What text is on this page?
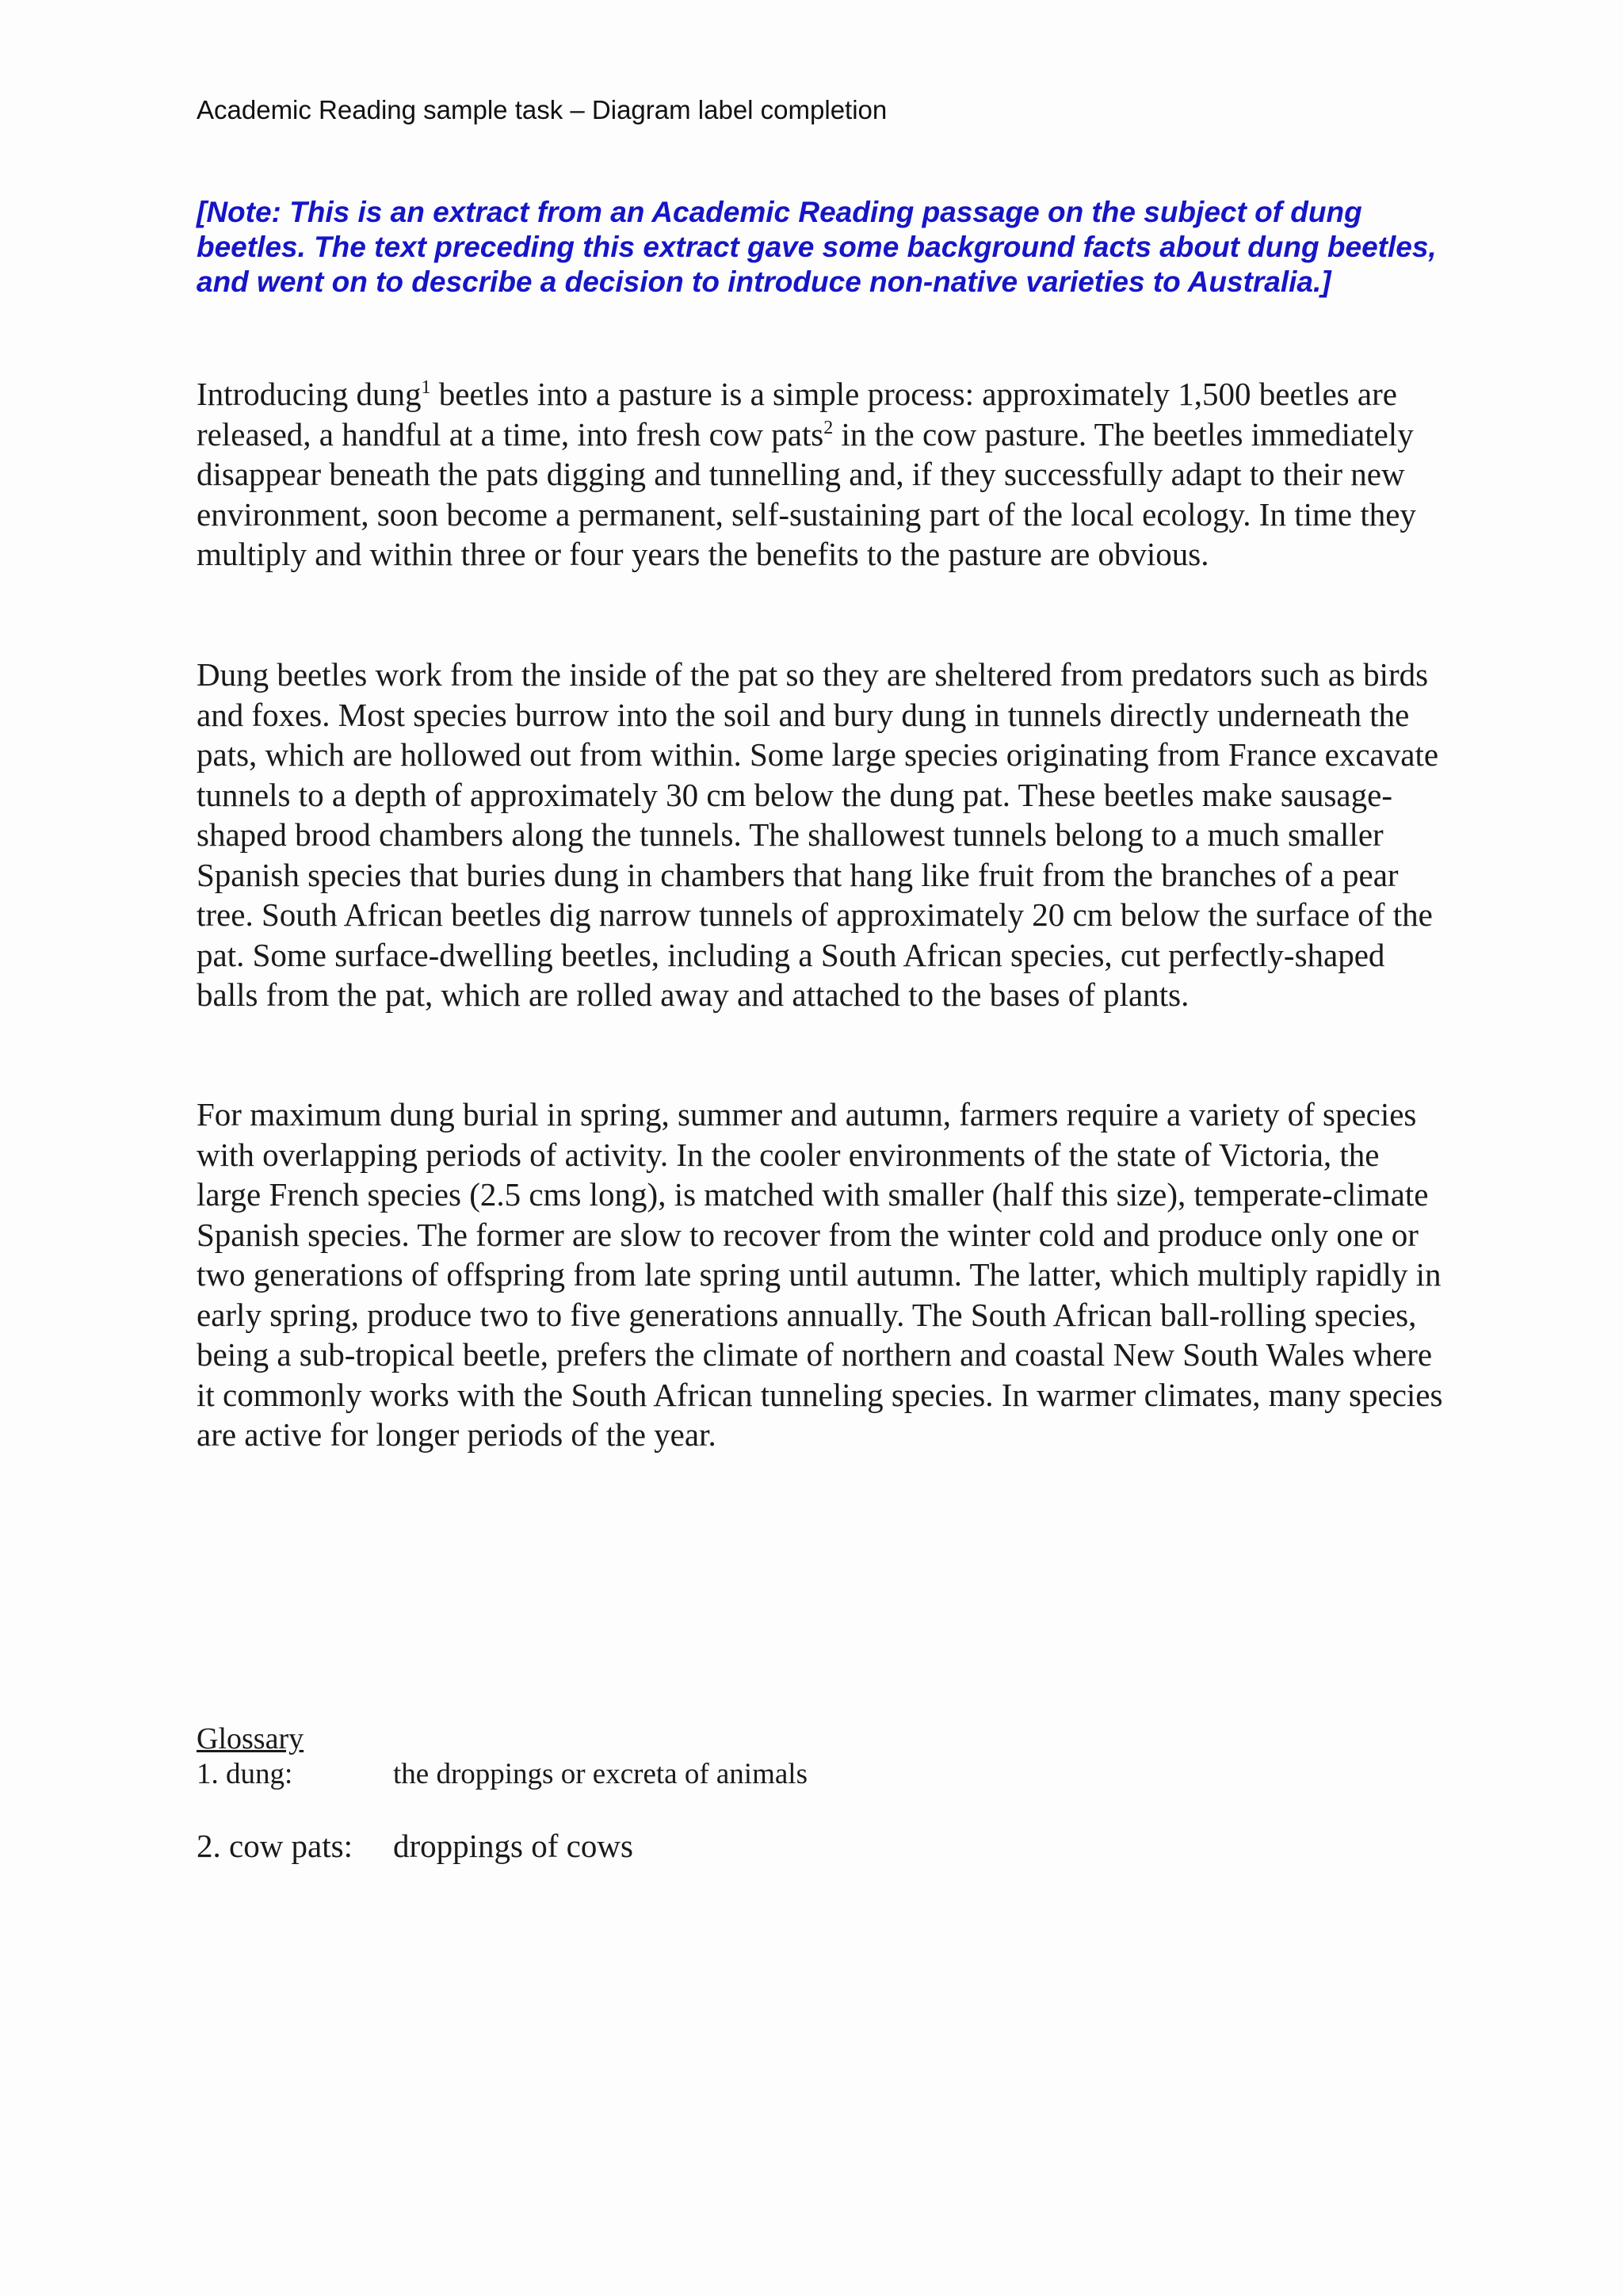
Academic Reading sample task – Diagram label completion
[Note: This is an extract from an Academic Reading passage on the subject of dung beetles. The text preceding this extract gave some background facts about dung beetles, and went on to describe a decision to introduce non-native varieties to Australia.]

Introducing dung$^1$ beetles into a pasture is a simple process: approximately 1,500 beetles are released, a handful at a time, into fresh cow pats$^2$ in the cow pasture. The beetles immediately disappear beneath the pats digging and tunnelling and, if they successfully adapt to their new environment, soon become a permanent, self-sustaining part of the local ecology. In time they multiply and within three or four years the benefits to the pasture are obvious.

Dung beetles work from the inside of the pat so they are sheltered from predators such as birds and foxes. Most species burrow into the soil and bury dung in tunnels directly underneath the pats, which are hollowed out from within. Some large species originating from France excavate tunnels to a depth of approximately 30 cm below the dung pat. These beetles make sausage-shaped brood chambers along the tunnels. The shallowest tunnels belong to a much smaller Spanish species that buries dung in chambers that hang like fruit from the branches of a pear tree. South African beetles dig narrow tunnels of approximately 20 cm below the surface of the pat. Some surface-dwelling beetles, including a South African species, cut perfectly-shaped balls from the pat, which are rolled away and attached to the bases of plants.

For maximum dung burial in spring, summer and autumn, farmers require a variety of species with overlapping periods of activity. In the cooler environments of the state of Victoria, the large French species (2.5 cms long), is matched with smaller (half this size), temperate-climate Spanish species. The former are slow to recover from the winter cold and produce only one or two generations of offspring from late spring until autumn. The latter, which multiply rapidly in early spring, produce two to five generations annually. The South African ball-rolling species, being a sub-tropical beetle, prefers the climate of northern and coastal New South Wales where it commonly works with the South African tunneling species. In warmer climates, many species are active for longer periods of the year.

Glossary
1. dung:	the droppings or excreta of animals
2. cow pats:	droppings of cows
